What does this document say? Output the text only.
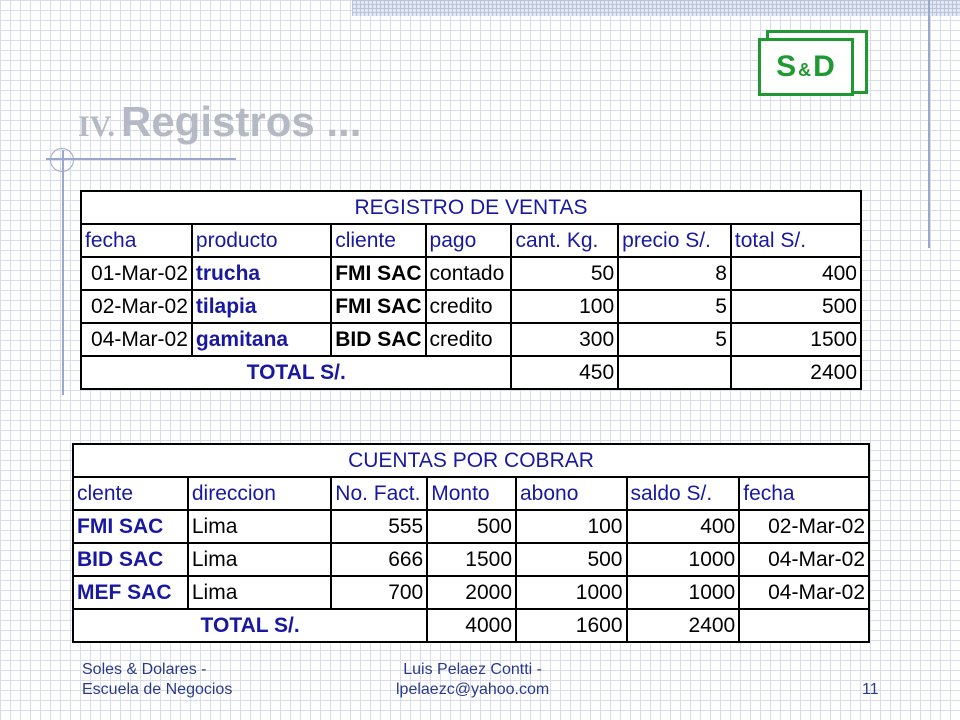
S & D
IV. Registros ...
REGISTRO DE VENTAS						
fecha	producto	cliente	pago	cant. Kg.	precio S/.	total S/.
01-Mar-02	trucha	FMI SAC	contado	50	8	400
02-Mar-02	tilapia	FMI SAC	credito	100	5	500
04-Mar-02	gamitana	BID SAC	credito	300	5	1500
TOTAL S/.				450		2400
CUENTAS POR COBRAR						
clente	direccion	No. Fact.	Monto	abono	saldo S/.	fecha
FMI SAC	Lima	555	500	100	400	02-Mar-02
BID SAC	Lima	666	1500	500	1000	04-Mar-02
MEF SAC	Lima	700	2000	1000	1000	04-Mar-02
TOTAL S/.			4000	1600	2400	
Soles & Dolares -
Escuela de Negocios
Luis Pelaez Contti -
lpelaezc@yahoo.com	11
